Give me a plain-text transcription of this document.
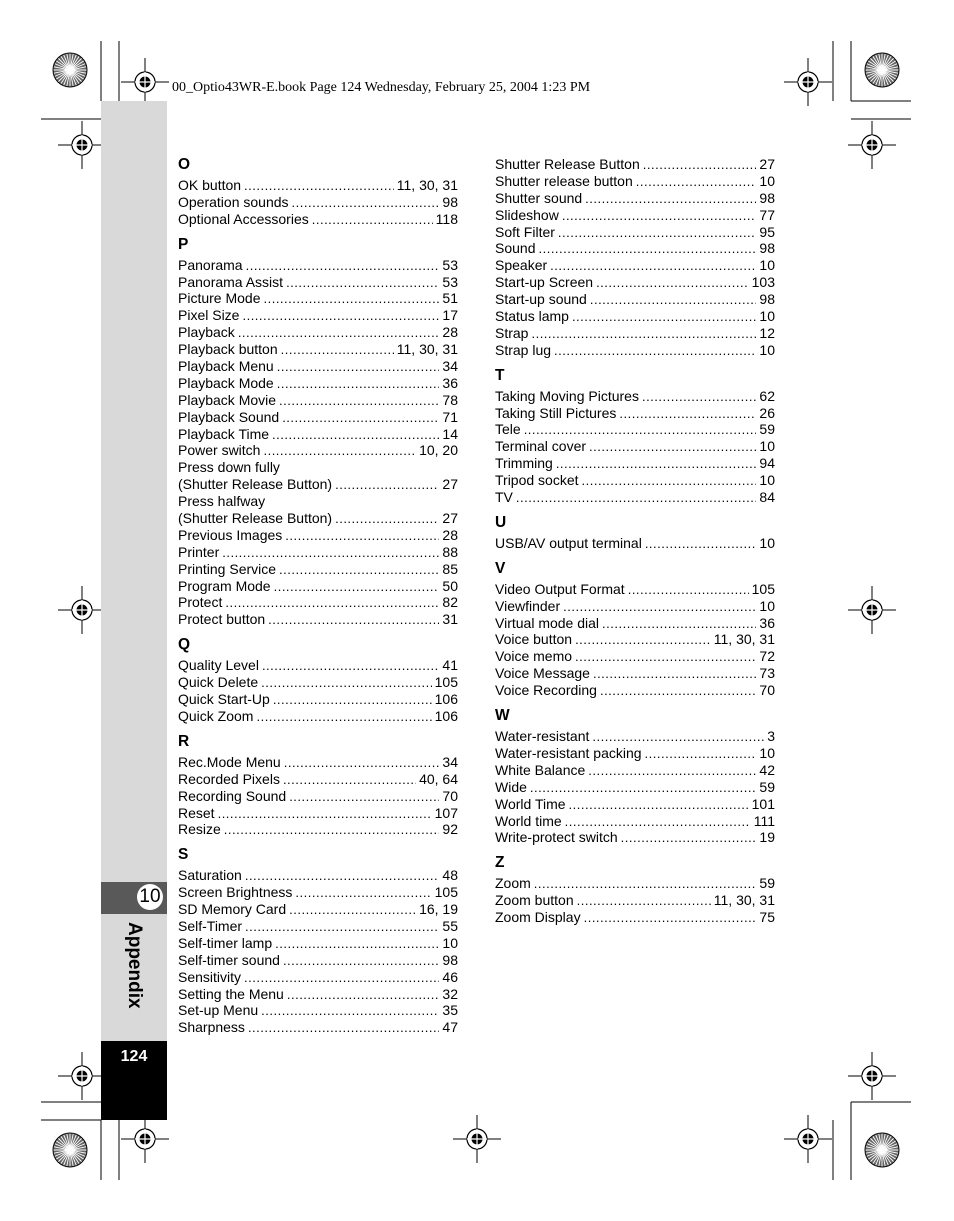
00_Optio43WR-E.book Page 124 Wednesday, February 25, 2004 1:23 PM
10
Appendix
124
O
OK button .....	11, 30, 31
Operation sounds .....	98
Optional Accessories .....	118
P
Panorama .....	53
Panorama Assist .....	53
Picture Mode .....	51
Pixel Size .....	17
Playback .....	28
Playback button .....	11, 30, 31
Playback Menu .....	34
Playback Mode .....	36
Playback Movie .....	78
Playback Sound .....	71
Playback Time .....	14
Power switch .....	10, 20
Press down fully
(Shutter Release Button) .....	27
Press halfway
(Shutter Release Button) .....	27
Previous Images .....	28
Printer .....	88
Printing Service .....	85
Program Mode .....	50
Protect .....	82
Protect button .....	31
Q
Quality Level .....	41
Quick Delete .....	105
Quick Start-Up .....	106
Quick Zoom .....	106
R
Rec.Mode Menu .....	34
Recorded Pixels .....	40, 64
Recording Sound .....	70
Reset .....	107
Resize .....	92
S
Saturation .....	48
Screen Brightness .....	105
SD Memory Card .....	16, 19
Self-Timer .....	55
Self-timer lamp .....	10
Self-timer sound .....	98
Sensitivity .....	46
Setting the Menu .....	32
Set-up Menu .....	35
Sharpness .....	47
Shutter Release Button .....	27
Shutter release button .....	10
Shutter sound .....	98
Slideshow .....	77
Soft Filter .....	95
Sound .....	98
Speaker .....	10
Start-up Screen .....	103
Start-up sound .....	98
Status lamp .....	10
Strap .....	12
Strap lug .....	10
T
Taking Moving Pictures .....	62
Taking Still Pictures .....	26
Tele .....	59
Terminal cover .....	10
Trimming .....	94
Tripod socket .....	10
TV .....	84
U
USB/AV output terminal .....	10
V
Video Output Format .....	105
Viewfinder .....	10
Virtual mode dial .....	36
Voice button .....	11, 30, 31
Voice memo .....	72
Voice Message .....	73
Voice Recording .....	70
W
Water-resistant .....	3
Water-resistant packing .....	10
White Balance .....	42
Wide .....	59
World Time .....	101
World time .....	111
Write-protect switch .....	19
Z
Zoom .....	59
Zoom button .....	11, 30, 31
Zoom Display .....	75
